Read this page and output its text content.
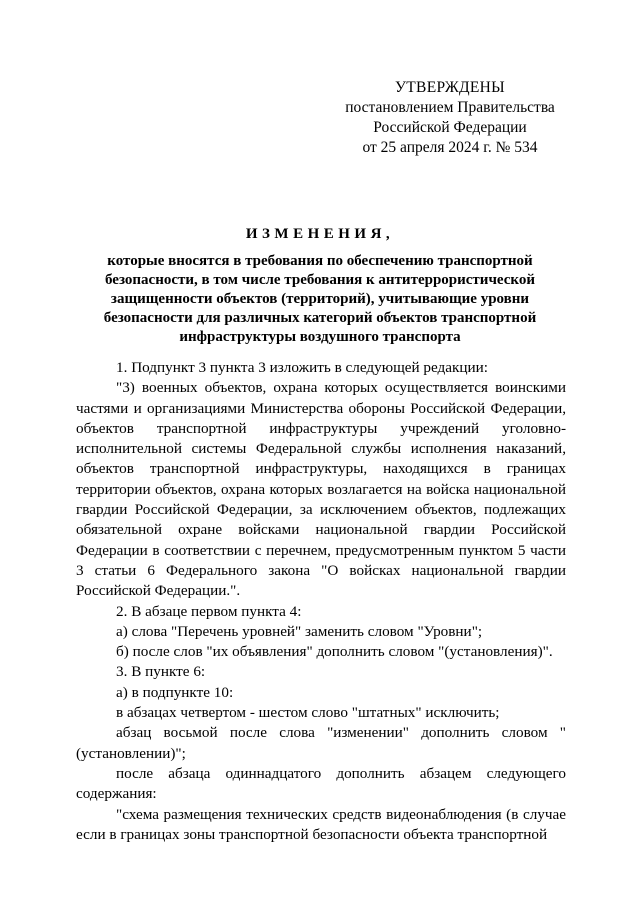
УТВЕРЖДЕНЫ
постановлением Правительства
Российской Федерации
от 25 апреля 2024 г. № 534
ИЗМЕНЕНИЯ,
которые вносятся в требования по обеспечению транспортной безопасности, в том числе требования к антитеррористической защищенности объектов (территорий), учитывающие уровни безопасности для различных категорий объектов транспортной инфраструктуры воздушного транспорта

1. Подпункт 3 пункта 3 изложить в следующей редакции:

"3) военных объектов, охрана которых осуществляется воинскими частями и организациями Министерства обороны Российской Федерации, объектов транспортной инфраструктуры учреждений уголовно-исполнительной системы Федеральной службы исполнения наказаний, объектов транспортной инфраструктуры, находящихся в границах территории объектов, охрана которых возлагается на войска национальной гвардии Российской Федерации, за исключением объектов, подлежащих обязательной охране войсками национальной гвардии Российской Федерации в соответствии с перечнем, предусмотренным пунктом 5 части 3 статьи 6 Федерального закона "О войсках национальной гвардии Российской Федерации.".

2. В абзаце первом пункта 4:

а) слова "Перечень уровней" заменить словом "Уровни";

б) после слов "их объявления" дополнить словом "(установления)".

3. В пункте 6:

а) в подпункте 10:

в абзацах четвертом - шестом слово "штатных" исключить;

абзац восьмой после слова "изменении" дополнить словом "(установлении)";

после абзаца одиннадцатого дополнить абзацем следующего содержания:

"схема размещения технических средств видеонаблюдения (в случае если в границах зоны транспортной безопасности объекта транспортной
